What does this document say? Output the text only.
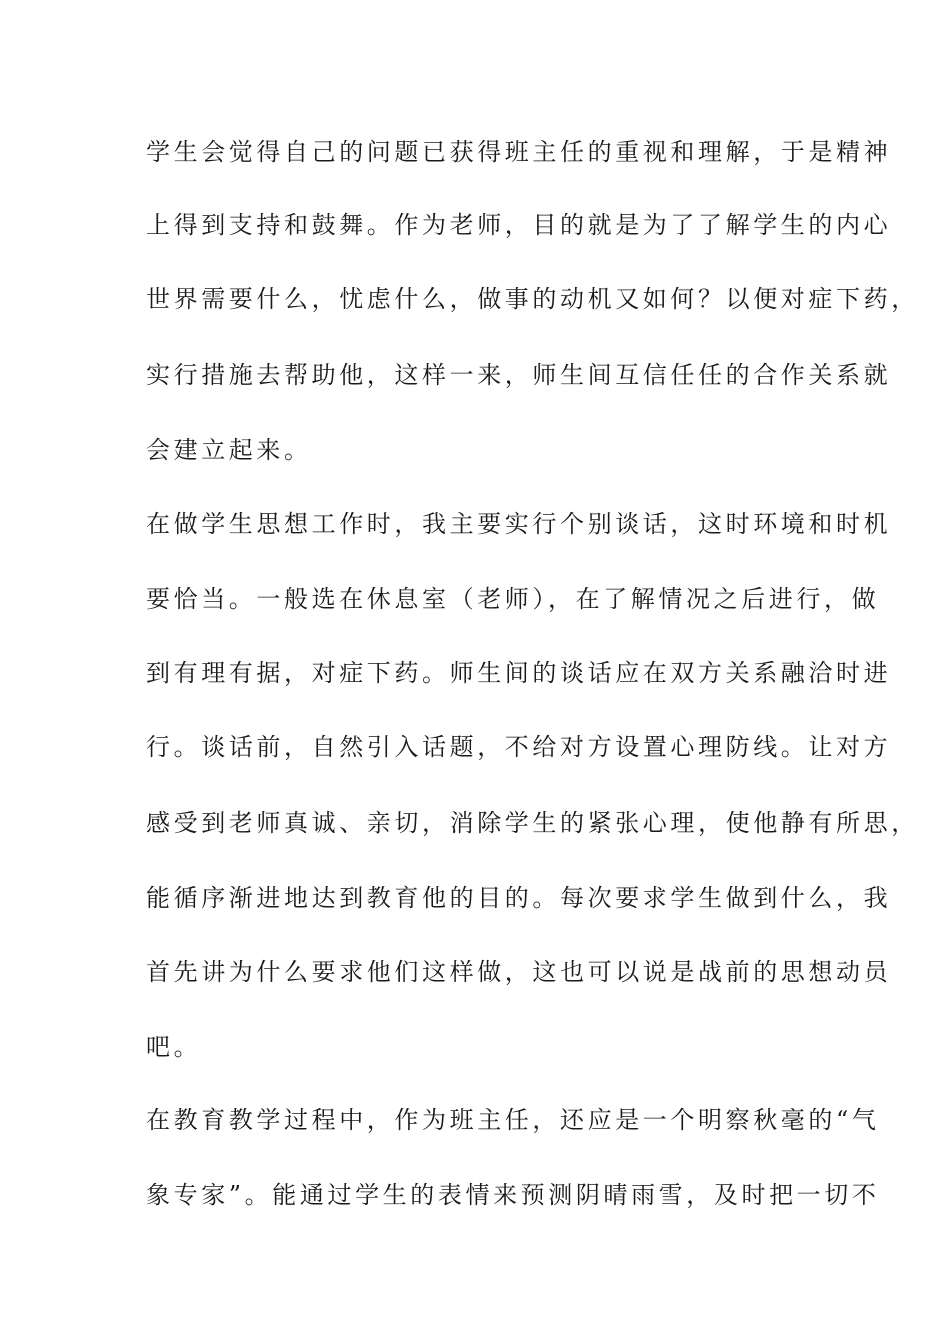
学生会觉得自己的问题已获得班主任的重视和理解，于是精神
上得到支持和鼓舞。作为老师，目的就是为了了解学生的内心
世界需要什么，忧虑什么，做事的动机又如何？以便对症下药，
实行措施去帮助他，这样一来，师生间互信任任的合作关系就
会建立起来。
在做学生思想工作时，我主要实行个别谈话，这时环境和时机
要恰当。一般选在休息室（老师），在了解情况之后进行，做
到有理有据，对症下药。师生间的谈话应在双方关系融洽时进
行。谈话前，自然引入话题，不给对方设置心理防线。让对方
感受到老师真诚、亲切，消除学生的紧张心理，使他静有所思，
能循序渐进地达到教育他的目的。每次要求学生做到什么，我
首先讲为什么要求他们这样做，这也可以说是战前的思想动员
吧。
在教育教学过程中，作为班主任，还应是一个明察秋毫的“气
象专家”。能通过学生的表情来预测阴晴雨雪，及时把一切不
